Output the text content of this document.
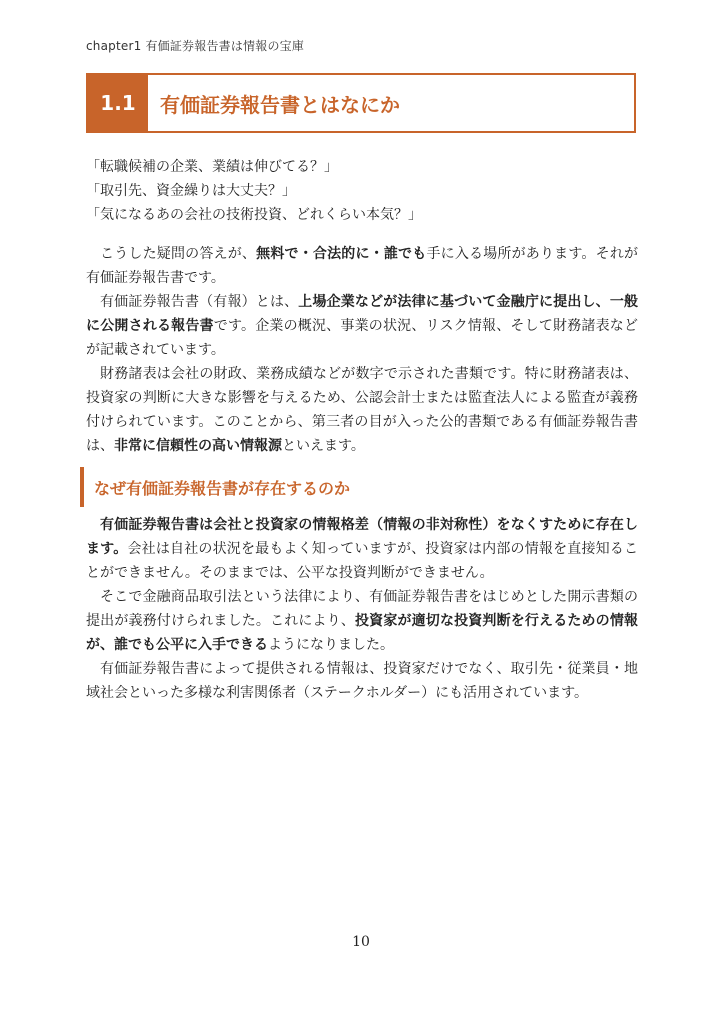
chapter1 有価証券報告書は情報の宝庫
1.1	有価証券報告書とはなにか
「転職候補の企業、業績は伸びてる？」
「取引先、資金繰りは大丈夫？」
「気になるあの会社の技術投資、どれくらい本気？」

こうした疑問の答えが、無料で・合法的に・誰でも手に入る場所があります。それが有価証券報告書です。

有価証券報告書（有報）とは、上場企業などが法律に基づいて金融庁に提出し、一般に公開される報告書です。企業の概況、事業の状況、リスク情報、そして財務諸表などが記載されています。

財務諸表は会社の財政、業務成績などが数字で示された書類です。特に財務諸表は、投資家の判断に大きな影響を与えるため、公認会計士または監査法人による監査が義務付けられています。このことから、第三者の目が入った公的書類である有価証券報告書は、非常に信頼性の高い情報源といえます。

なぜ有価証券報告書が存在するのか

有価証券報告書は会社と投資家の情報格差（情報の非対称性）をなくすために存在します。会社は自社の状況を最もよく知っていますが、投資家は内部の情報を直接知ることができません。そのままでは、公平な投資判断ができません。

そこで金融商品取引法という法律により、有価証券報告書をはじめとした開示書類の提出が義務付けられました。これにより、投資家が適切な投資判断を行えるための情報が、誰でも公平に入手できるようになりました。

有価証券報告書によって提供される情報は、投資家だけでなく、取引先・従業員・地域社会といった多様な利害関係者（ステークホルダー）にも活用されています。

10
